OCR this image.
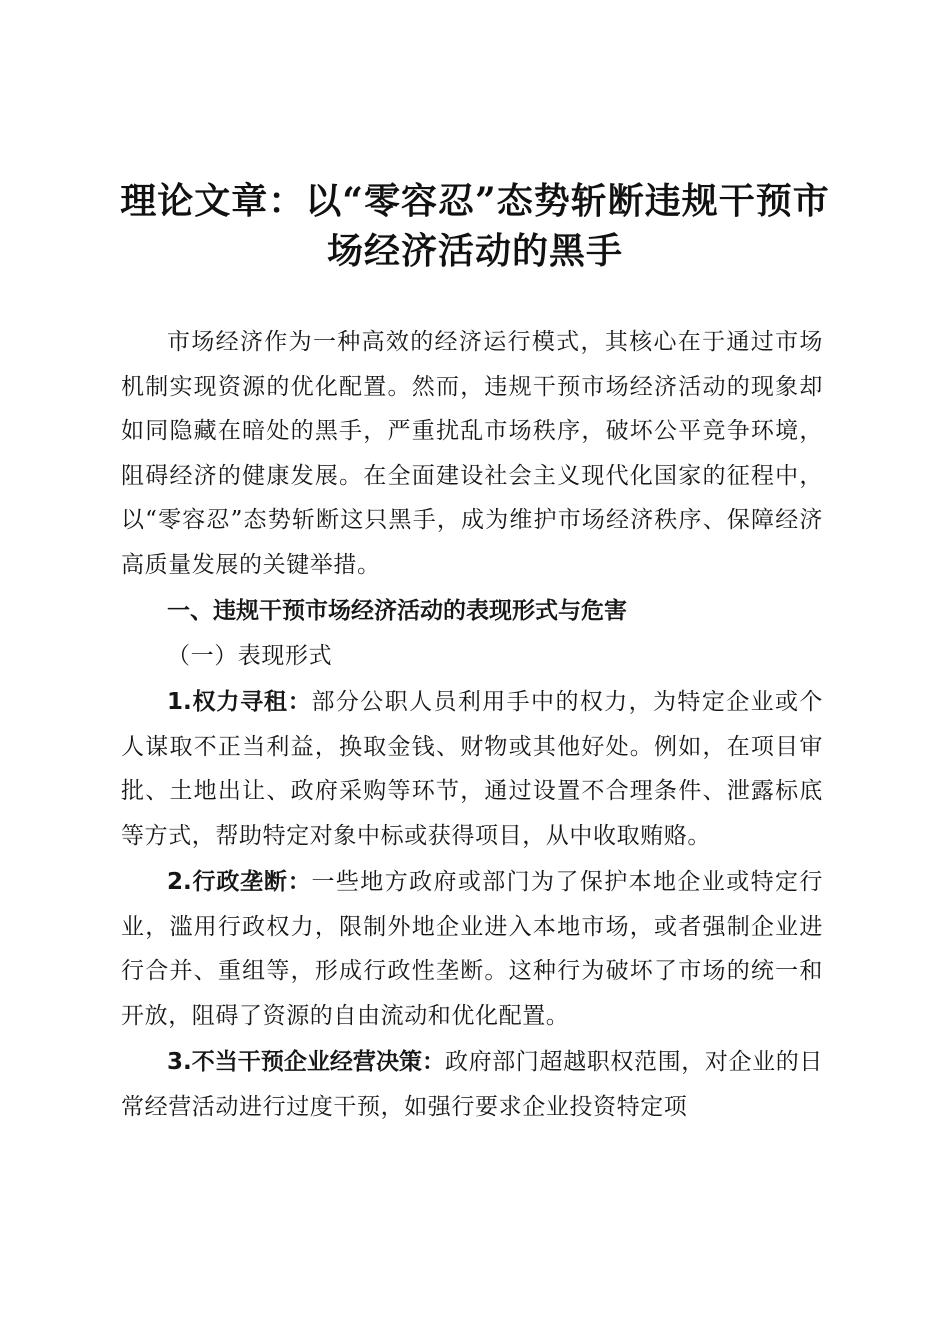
理论文章：以“零容忍”态势斩断违规干预市场经济活动的黑手

市场经济作为一种高效的经济运行模式，其核心在于通过市场机制实现资源的优化配置。然而，违规干预市场经济活动的现象却如同隐藏在暗处的黑手，严重扰乱市场秩序，破坏公平竞争环境，阻碍经济的健康发展。在全面建设社会主义现代化国家的征程中，以“零容忍”态势斩断这只黑手，成为维护市场经济秩序、保障经济高质量发展的关键举措。

一、违规干预市场经济活动的表现形式与危害

（一）表现形式

1.权力寻租：部分公职人员利用手中的权力，为特定企业或个人谋取不正当利益，换取金钱、财物或其他好处。例如，在项目审批、土地出让、政府采购等环节，通过设置不合理条件、泄露标底等方式，帮助特定对象中标或获得项目，从中收取贿赂。

2.行政垄断：一些地方政府或部门为了保护本地企业或特定行业，滥用行政权力，限制外地企业进入本地市场，或者强制企业进行合并、重组等，形成行政性垄断。这种行为破坏了市场的统一和开放，阻碍了资源的自由流动和优化配置。

3.不当干预企业经营决策：政府部门超越职权范围，对企业的日常经营活动进行过度干预，如强行要求企业投资特定项
